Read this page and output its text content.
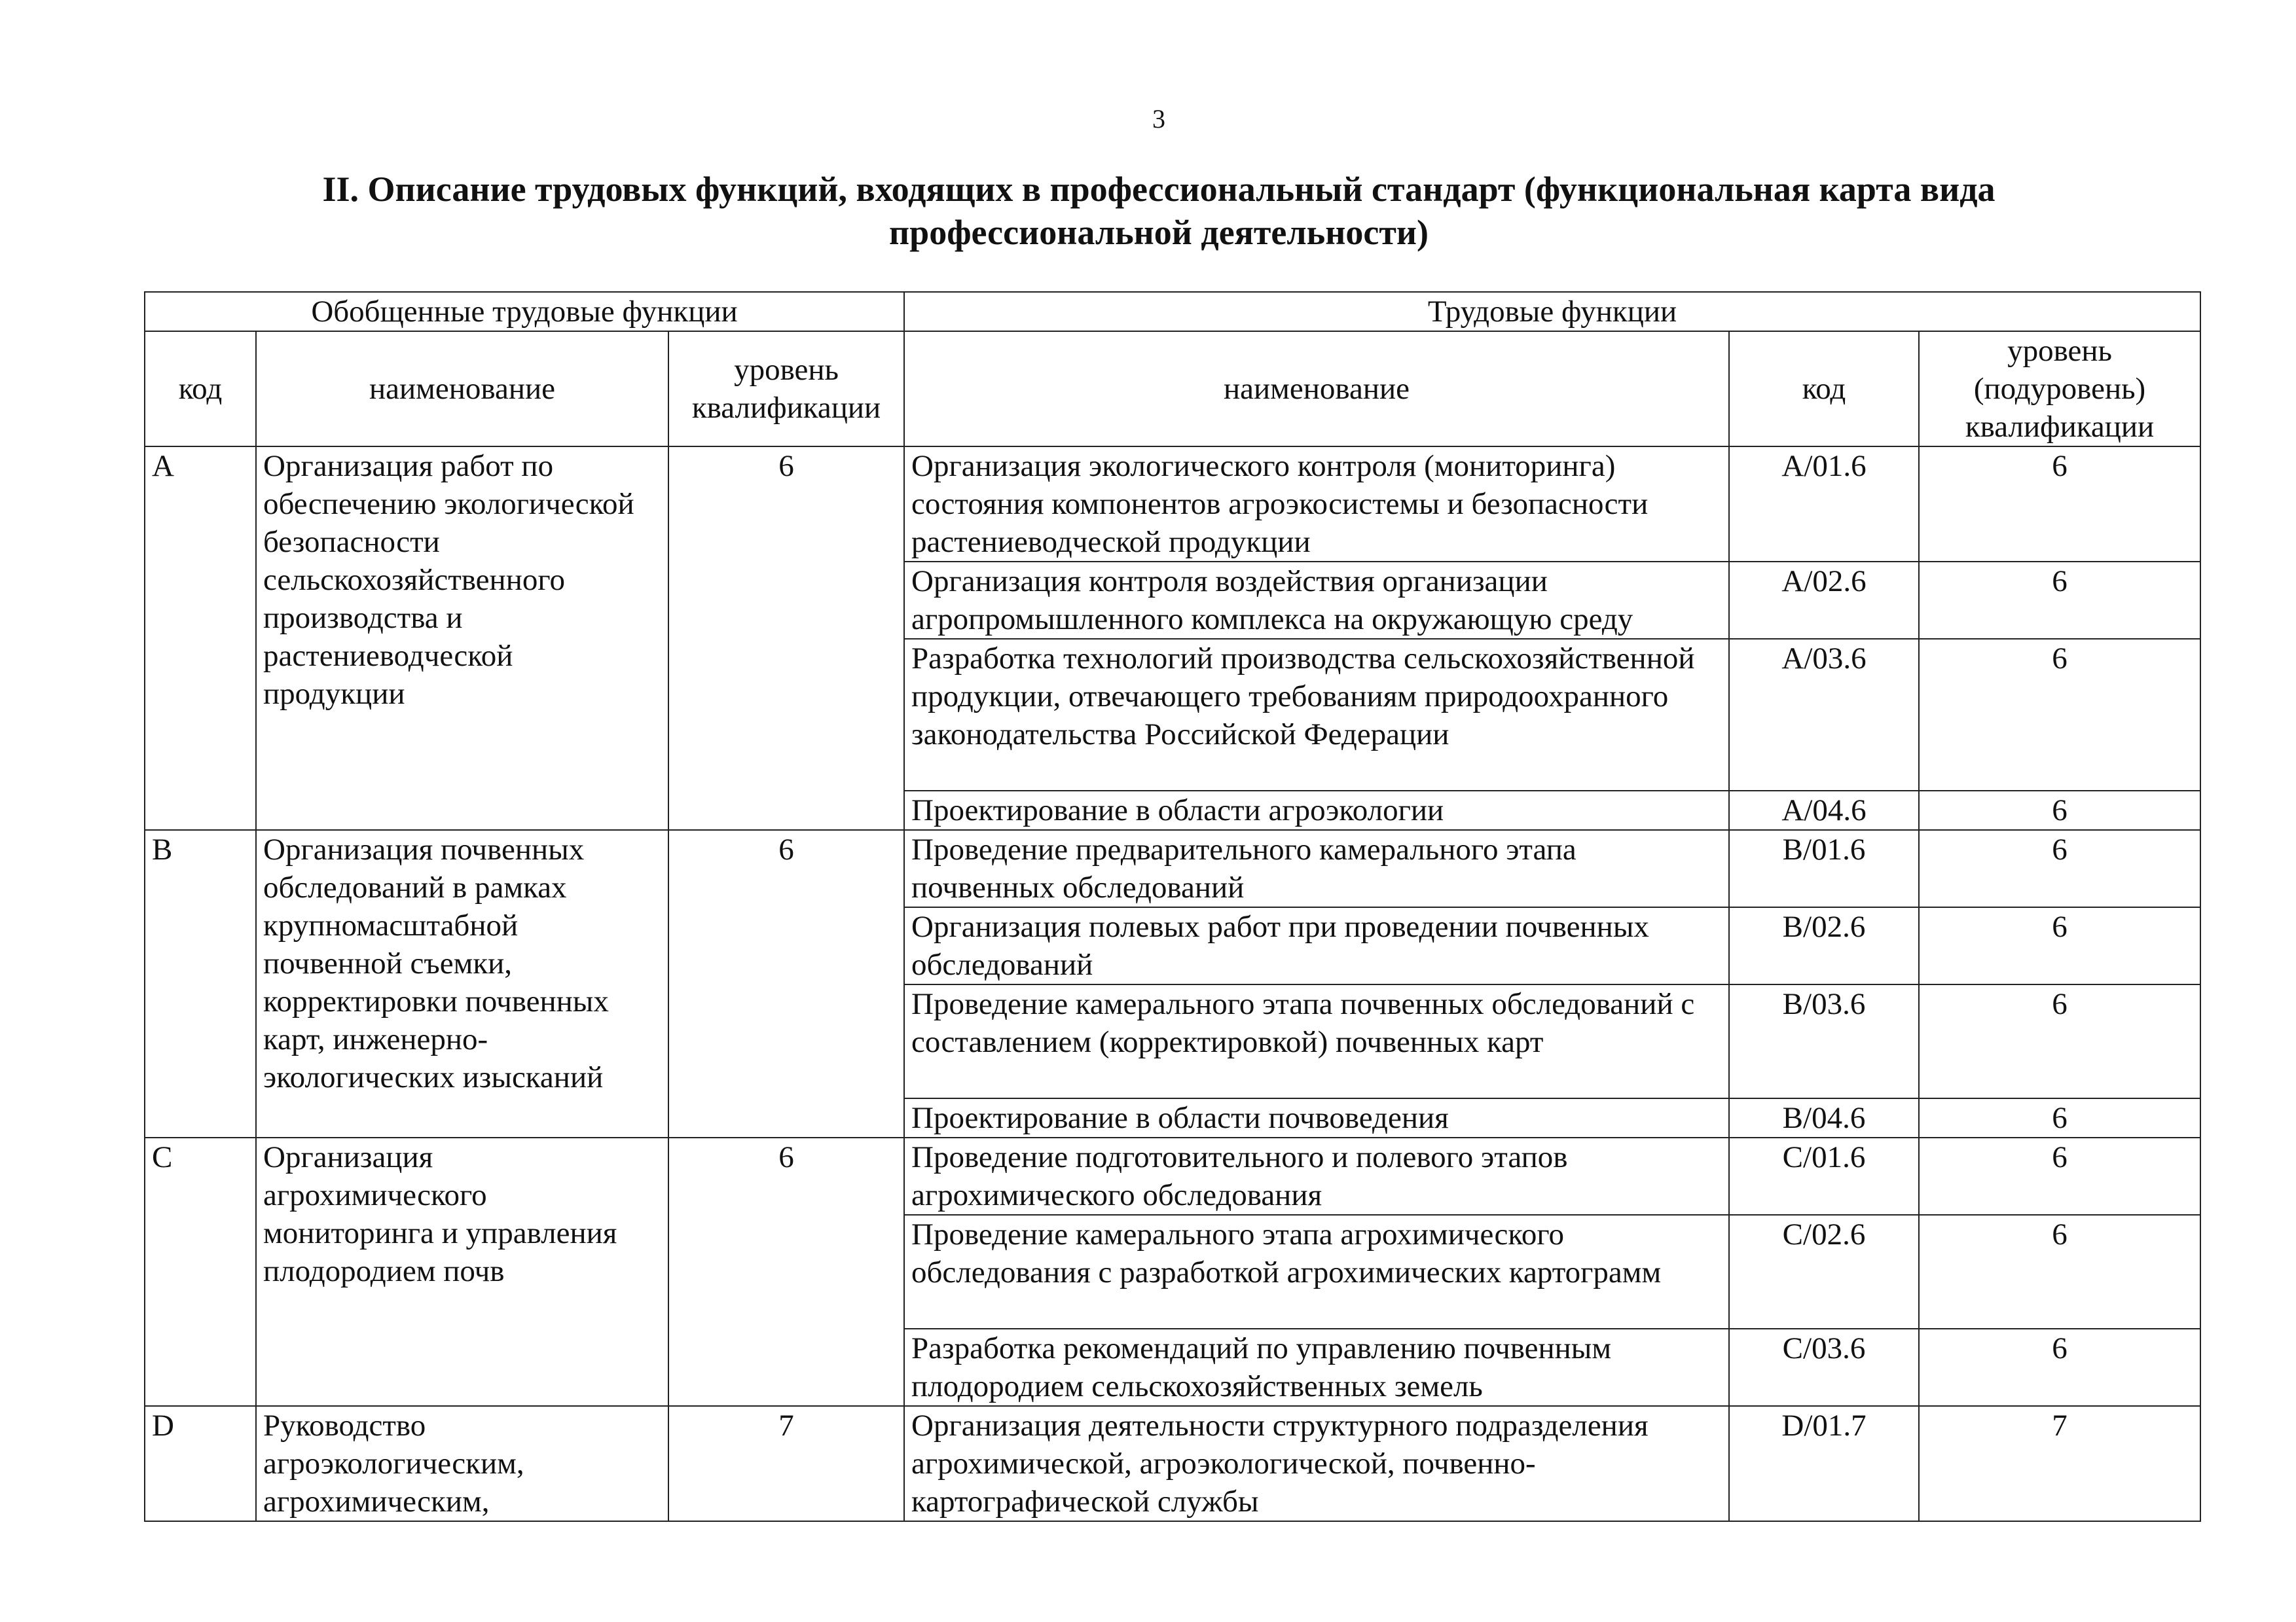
3
II. Описание трудовых функций, входящих в профессиональный стандарт (функциональная карта вида профессиональной деятельности)
Обобщенные трудовые функции			Трудовые функции		
код	наименование	уровень квалификации	наименование	код	уровень (подуровень) квалификации
A	Организация работ по обеспечению экологической безопасности сельскохозяйственного производства и растениеводческой продукции	6	Организация экологического контроля (мониторинга) состояния компонентов агроэкосистемы и безопасности растениеводческой продукции	A/01.6	6
			Организация контроля воздействия организации агропромышленного комплекса на окружающую среду	A/02.6	6
			Разработка технологий производства сельскохозяйственной продукции, отвечающего требованиям природоохранного законодательства Российской Федерации	A/03.6	6
			Проектирование в области агроэкологии	A/04.6	6
B	Организация почвенных обследований в рамках крупномасштабной почвенной съемки, корректировки почвенных карт, инженерно-экологических изысканий	6	Проведение предварительного камерального этапа почвенных обследований	B/01.6	6
			Организация полевых работ при проведении почвенных обследований	B/02.6	6
			Проведение камерального этапа почвенных обследований с составлением (корректировкой) почвенных карт	B/03.6	6
			Проектирование в области почвоведения	B/04.6	6
C	Организация агрохимического мониторинга и управления плодородием почв	6	Проведение подготовительного и полевого этапов агрохимического обследования	C/01.6	6
			Проведение камерального этапа агрохимического обследования с разработкой агрохимических картограмм	C/02.6	6
			Разработка рекомендаций по управлению почвенным плодородием сельскохозяйственных земель	C/03.6	6
D	Руководство агроэкологическим, агрохимическим,	7	Организация деятельности структурного подразделения агрохимической, агроэкологической, почвенно-картографической службы	D/01.7	7
